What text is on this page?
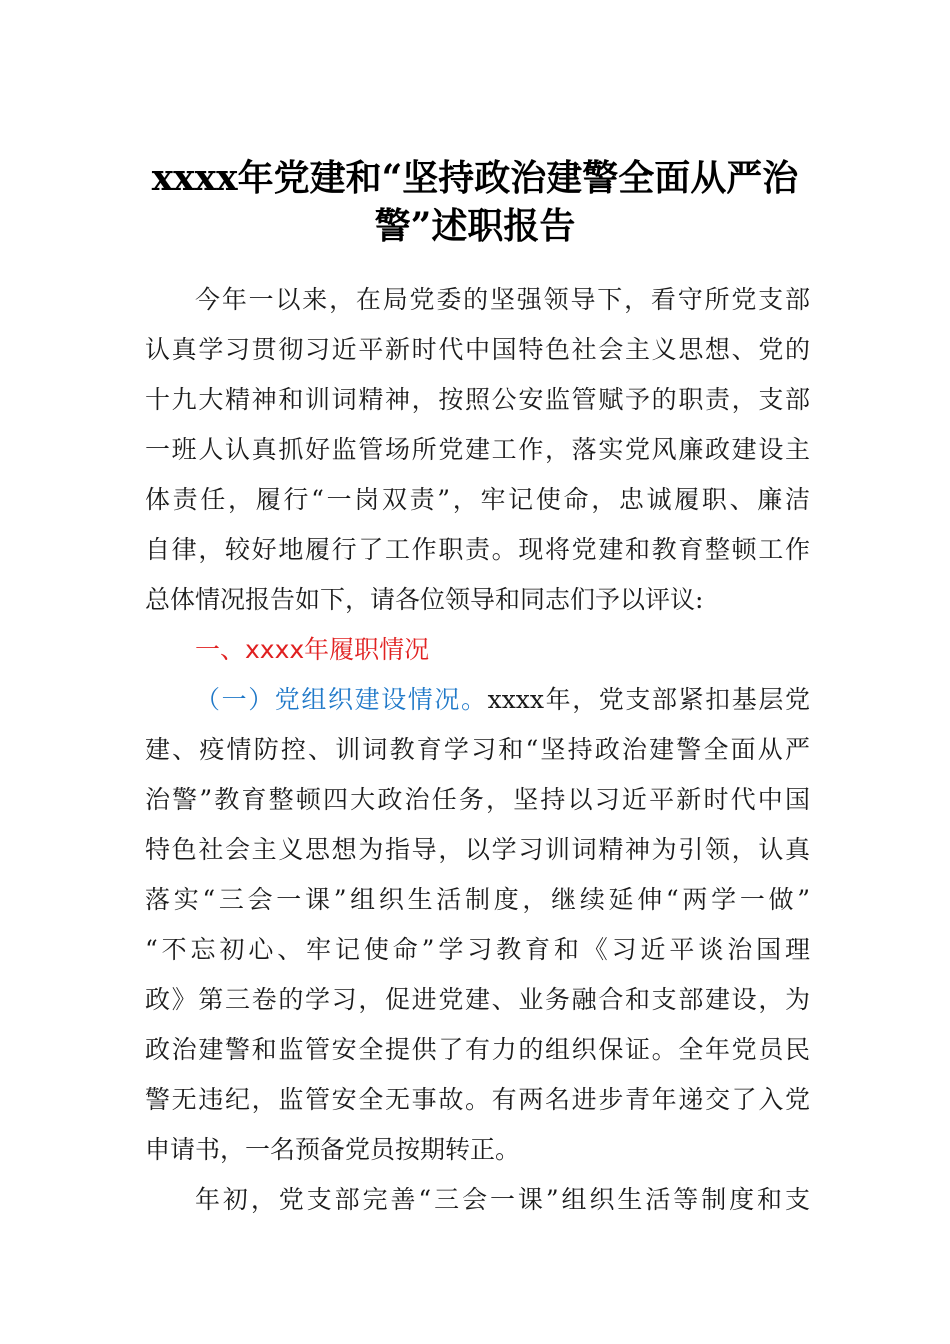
xxxx年党建和“坚持政治建警全面从严治
警”述职报告
今年一以来，在局党委的坚强领导下，看守所党支部
认真学习贯彻习近平新时代中国特色社会主义思想、党的
十九大精神和训词精神，按照公安监管赋予的职责，支部
一班人认真抓好监管场所党建工作，落实党风廉政建设主
体责任，履行“一岗双责”，牢记使命，忠诚履职、廉洁
自律，较好地履行了工作职责。现将党建和教育整顿工作
总体情况报告如下，请各位领导和同志们予以评议:
一、xxxx年履职情况
（一）党组织建设情况。xxxx年，党支部紧扣基层党
建、疫情防控、训词教育学习和“坚持政治建警全面从严
治警”教育整顿四大政治任务，坚持以习近平新时代中国
特色社会主义思想为指导，以学习训词精神为引领，认真
落实“三会一课”组织生活制度，继续延伸“两学一做”
“不忘初心、牢记使命”学习教育和《习近平谈治国理
政》第三卷的学习，促进党建、业务融合和支部建设，为
政治建警和监管安全提供了有力的组织保证。全年党员民
警无违纪，监管安全无事故。有两名进步青年递交了入党
申请书，一名预备党员按期转正。
年初，党支部完善“三会一课”组织生活等制度和支
